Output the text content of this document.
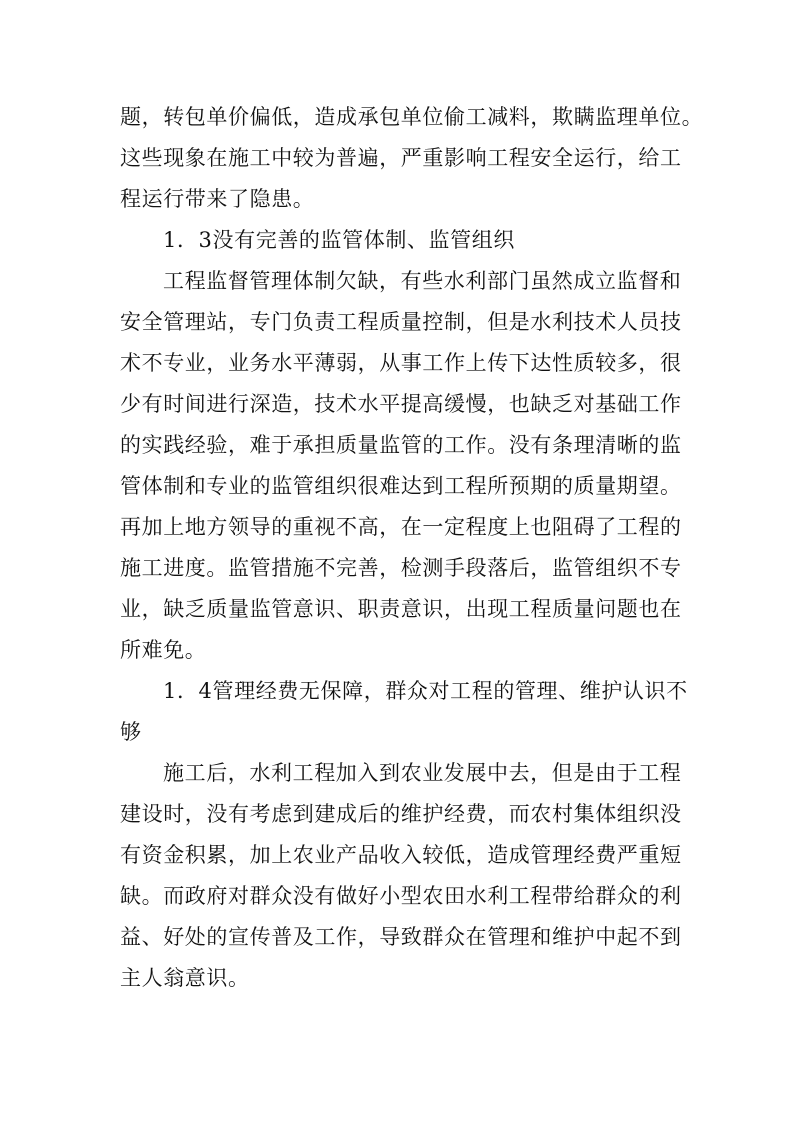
题，转包单价偏低，造成承包单位偷工减料，欺瞒监理单位。
这些现象在施工中较为普遍，严重影响工程安全运行，给工
程运行带来了隐患。
1．3没有完善的监管体制、监管组织
工程监督管理体制欠缺，有些水利部门虽然成立监督和
安全管理站，专门负责工程质量控制，但是水利技术人员技
术不专业，业务水平薄弱，从事工作上传下达性质较多，很
少有时间进行深造，技术水平提高缓慢，也缺乏对基础工作
的实践经验，难于承担质量监管的工作。没有条理清晰的监
管体制和专业的监管组织很难达到工程所预期的质量期望。
再加上地方领导的重视不高，在一定程度上也阻碍了工程的
施工进度。监管措施不完善，检测手段落后，监管组织不专
业，缺乏质量监管意识、职责意识，出现工程质量问题也在
所难免。
1．4管理经费无保障，群众对工程的管理、维护认识不
够
施工后，水利工程加入到农业发展中去，但是由于工程
建设时，没有考虑到建成后的维护经费，而农村集体组织没
有资金积累，加上农业产品收入较低，造成管理经费严重短
缺。而政府对群众没有做好小型农田水利工程带给群众的利
益、好处的宣传普及工作，导致群众在管理和维护中起不到
主人翁意识。
